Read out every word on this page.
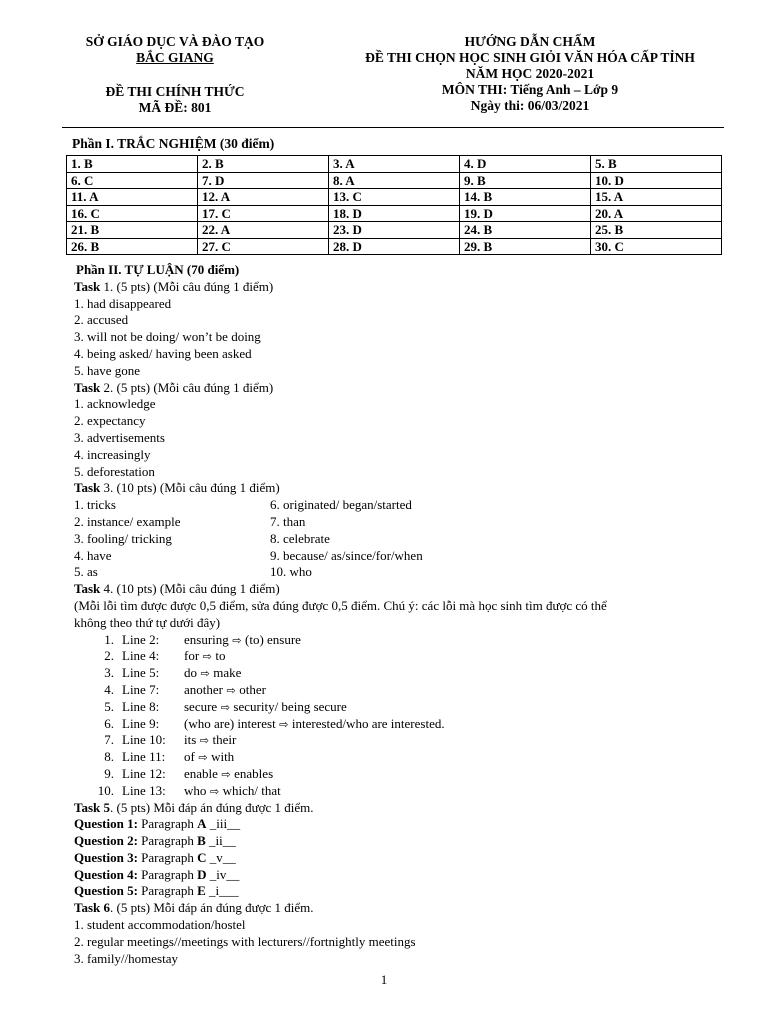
SỞ GIÁO DỤC VÀ ĐÀO TẠO
BẮC GIANG
ĐỀ THI CHÍNH THỨC
MÃ ĐỀ: 801
HƯỚNG DẪN CHẤM
ĐỀ THI CHỌN HỌC SINH GIỎI VĂN HÓA CẤP TỈNH
NĂM HỌC 2020-2021
MÔN THI: Tiếng Anh – Lớp 9
Ngày thi: 06/03/2021
Phần I. TRẮC NGHIỆM (30 điểm)
1. B	2. B	3. A	4. D	5. B
6. C	7. D	8. A	9. B	10. D
11. A	12. A	13. C	14. B	15. A
16. C	17. C	18. D	19. D	20. A
21. B	22. A	23. D	24. B	25. B
26. B	27. C	28. D	29. B	30. C
Phần II. TỰ LUẬN (70 điểm)
Task 1. (5 pts) (Mỗi câu đúng 1 điểm)
1. had disappeared
2. accused
3. will not be doing/ won’t be doing
4. being asked/ having been asked
5. have gone
Task 2. (5 pts) (Mỗi câu đúng 1 điểm)
1. acknowledge
2. expectancy
3. advertisements
4. increasingly
5. deforestation
Task 3. (10 pts) (Mỗi câu đúng 1 điểm)
1. tricks	6. originated/ began/started
2. instance/ example	7. than
3. fooling/ tricking	8. celebrate
4. have	9. because/ as/since/for/when
5. as	10. who
Task 4. (10 pts) (Mỗi câu đúng 1 điểm)
(Mỗi lỗi tìm được được 0,5 điểm, sửa đúng được 0,5 điểm. Chú ý: các lỗi mà học sinh tìm được có thể
không theo thứ tự dưới đây)
1. Line 2: ensuring ⇨ (to) ensure
2. Line 4: for ⇨ to
3. Line 5: do ⇨ make
4. Line 7: another ⇨ other
5. Line 8: secure ⇨ security/ being secure
6. Line 9: (who are) interest ⇨ interested/who are interested.
7. Line 10: its ⇨ their
8. Line 11: of ⇨ with
9. Line 12: enable ⇨ enables
10. Line 13: who ⇨ which/ that
Task 5. (5 pts) Mỗi đáp án đúng được 1 điểm.
Question 1: Paragraph A _iii__
Question 2: Paragraph B _ii__
Question 3: Paragraph C _v__
Question 4: Paragraph D _iv__
Question 5: Paragraph E _i___
Task 6. (5 pts) Mỗi đáp án đúng được 1 điểm.
1. student accommodation/hostel
2. regular meetings//meetings with lecturers//fortnightly meetings
3. family//homestay
1
